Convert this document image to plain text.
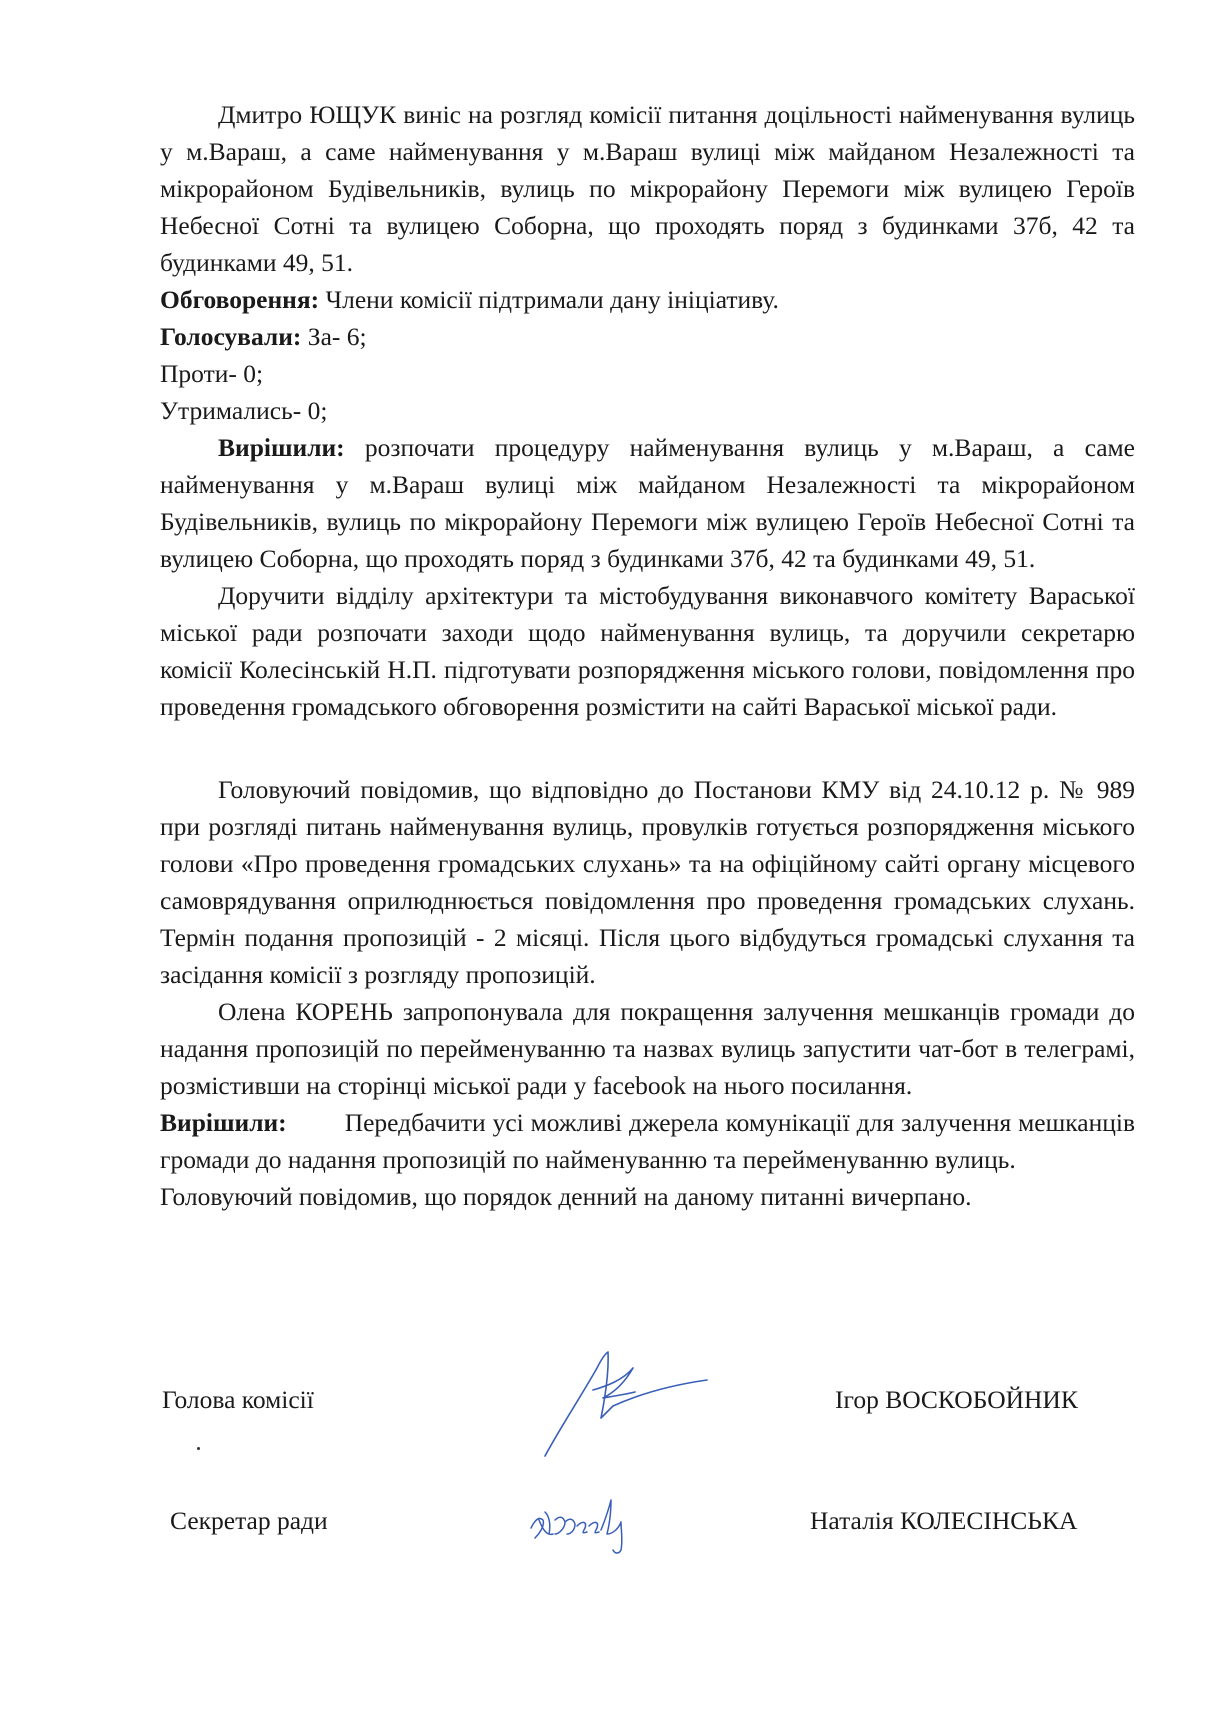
Дмитро ЮЩУК виніс на розгляд комісії питання доцільності найменування вулиць у м.Вараш, а саме найменування у м.Вараш вулиці між майданом Незалежності та мікрорайоном Будівельників, вулиць по мікрорайону Перемоги між вулицею Героїв Небесної Сотні та вулицею Соборна, що проходять поряд з будинками 37б, 42 та будинками 49, 51.

Обговорення: Члени комісії підтримали дану ініціативу.

Голосували: За- 6;

Проти- 0;

Утримались- 0;

Вирішили: розпочати процедуру найменування вулиць у м.Вараш, а саме найменування у м.Вараш вулиці між майданом Незалежності та мікрорайоном Будівельників, вулиць по мікрорайону Перемоги між вулицею Героїв Небесної Сотні та вулицею Соборна, що проходять поряд з будинками 37б, 42 та будинками 49, 51.

Доручити відділу архітектури та містобудування виконавчого комітету Вараської міської ради розпочати заходи щодо найменування вулиць, та доручили секретарю комісії Колесінській Н.П. підготувати розпорядження міського голови, повідомлення про проведення громадського обговорення розмістити на сайті Вараської міської ради.

Головуючий повідомив, що відповідно до Постанови КМУ від 24.10.12 р. № 989 при розгляді питань найменування вулиць, провулків готується розпорядження міського голови «Про проведення громадських слухань» та на офіційному сайті органу місцевого самоврядування оприлюднюється повідомлення про проведення громадських слухань. Термін подання пропозицій - 2 місяці. Після цього відбудуться громадські слухання та засідання комісії з розгляду пропозицій.

Олена КОРЕНЬ запропонувала для покращення залучення мешканців громади до надання пропозицій по перейменуванню та назвах вулиць запустити чат-бот в телеграмі, розмістивши на сторінці міської ради у facebook на нього посилання.

Вирішили: Передбачити усі можливі джерела комунікації для залучення мешканців громади до надання пропозицій по найменуванню та перейменуванню вулиць.

Головуючий повідомив, що порядок денний на даному питанні вичерпано.

Голова комісії	Ігор ВОСКОБОЙНИК
Секретар ради	Наталія КОЛЕСІНСЬКА
